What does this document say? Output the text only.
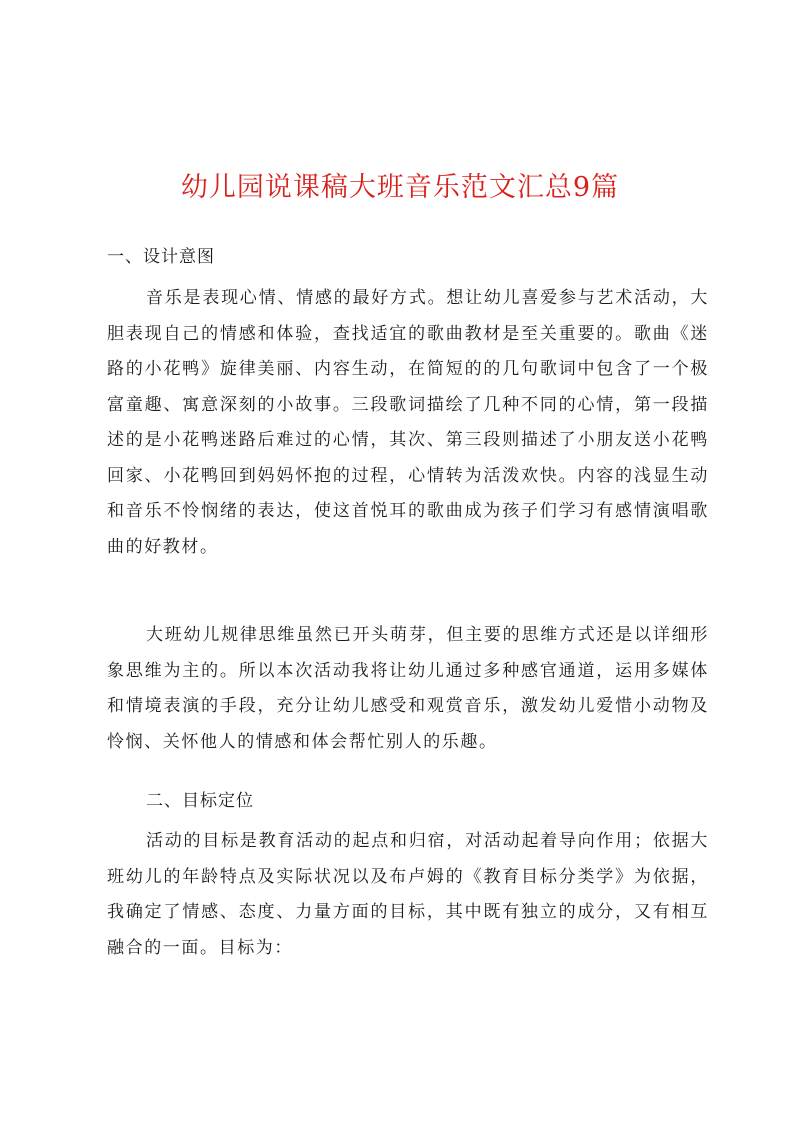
幼儿园说课稿大班音乐范文汇总9篇
一、设计意图

音乐是表现心情、情感的最好方式。想让幼儿喜爱参与艺术活动，大胆表现自己的情感和体验，查找适宜的歌曲教材是至关重要的。歌曲《迷路的小花鸭》旋律美丽、内容生动，在简短的的几句歌词中包含了一个极富童趣、寓意深刻的小故事。三段歌词描绘了几种不同的心情，第一段描述的是小花鸭迷路后难过的心情，其次、第三段则描述了小朋友送小花鸭回家、小花鸭回到妈妈怀抱的过程，心情转为活泼欢快。内容的浅显生动和音乐不怜悯绪的表达，使这首悦耳的歌曲成为孩子们学习有感情演唱歌曲的好教材。

大班幼儿规律思维虽然已开头萌芽，但主要的思维方式还是以详细形象思维为主的。所以本次活动我将让幼儿通过多种感官通道，运用多媒体和情境表演的手段，充分让幼儿感受和观赏音乐，激发幼儿爱惜小动物及怜悯、关怀他人的情感和体会帮忙别人的乐趣。

二、目标定位

活动的目标是教育活动的起点和归宿，对活动起着导向作用；依据大班幼儿的年龄特点及实际状况以及布卢姆的《教育目标分类学》为依据，我确定了情感、态度、力量方面的目标，其中既有独立的成分，又有相互融合的一面。目标为：
